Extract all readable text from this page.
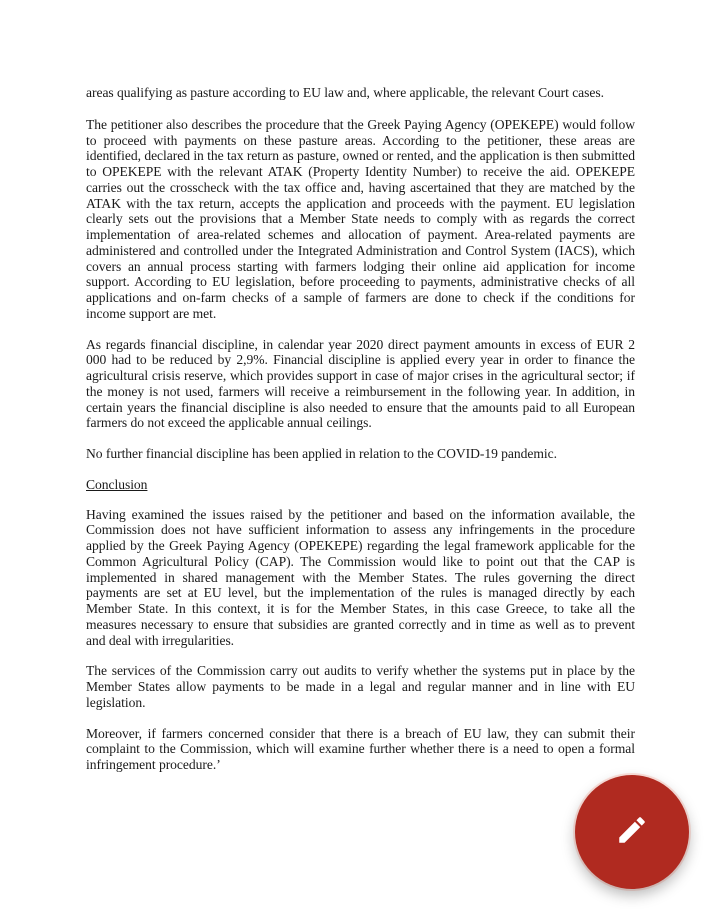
areas qualifying as pasture according to EU law and, where applicable, the relevant Court cases.

The petitioner also describes the procedure that the Greek Paying Agency (OPEKEPE) would follow to proceed with payments on these pasture areas. According to the petitioner, these areas are identified, declared in the tax return as pasture, owned or rented, and the application is then submitted to OPEKEPE with the relevant ATAK (Property Identity Number) to receive the aid. OPEKEPE carries out the crosscheck with the tax office and, having ascertained that they are matched by the ATAK with the tax return, accepts the application and proceeds with the payment. EU legislation clearly sets out the provisions that a Member State needs to comply with as regards the correct implementation of area-related schemes and allocation of payment. Area-related payments are administered and controlled under the Integrated Administration and Control System (IACS), which covers an annual process starting with farmers lodging their online aid application for income support. According to EU legislation, before proceeding to payments, administrative checks of all applications and on-farm checks of a sample of farmers are done to check if the conditions for income support are met.

As regards financial discipline, in calendar year 2020 direct payment amounts in excess of EUR 2 000 had to be reduced by 2,9%. Financial discipline is applied every year in order to finance the agricultural crisis reserve, which provides support in case of major crises in the agricultural sector; if the money is not used, farmers will receive a reimbursement in the following year. In addition, in certain years the financial discipline is also needed to ensure that the amounts paid to all European farmers do not exceed the applicable annual ceilings.

No further financial discipline has been applied in relation to the COVID-19 pandemic.

Conclusion

Having examined the issues raised by the petitioner and based on the information available, the Commission does not have sufficient information to assess any infringements in the procedure applied by the Greek Paying Agency (OPEKEPE) regarding the legal framework applicable for the Common Agricultural Policy (CAP). The Commission would like to point out that the CAP is implemented in shared management with the Member States. The rules governing the direct payments are set at EU level, but the implementation of the rules is managed directly by each Member State. In this context, it is for the Member States, in this case Greece, to take all the measures necessary to ensure that subsidies are granted correctly and in time as well as to prevent and deal with irregularities.

The services of the Commission carry out audits to verify whether the systems put in place by the Member States allow payments to be made in a legal and regular manner and in line with EU legislation.

Moreover, if farmers concerned consider that there is a breach of EU law, they can submit their complaint to the Commission, which will examine further whether there is a need to open a formal infringement procedure.’
